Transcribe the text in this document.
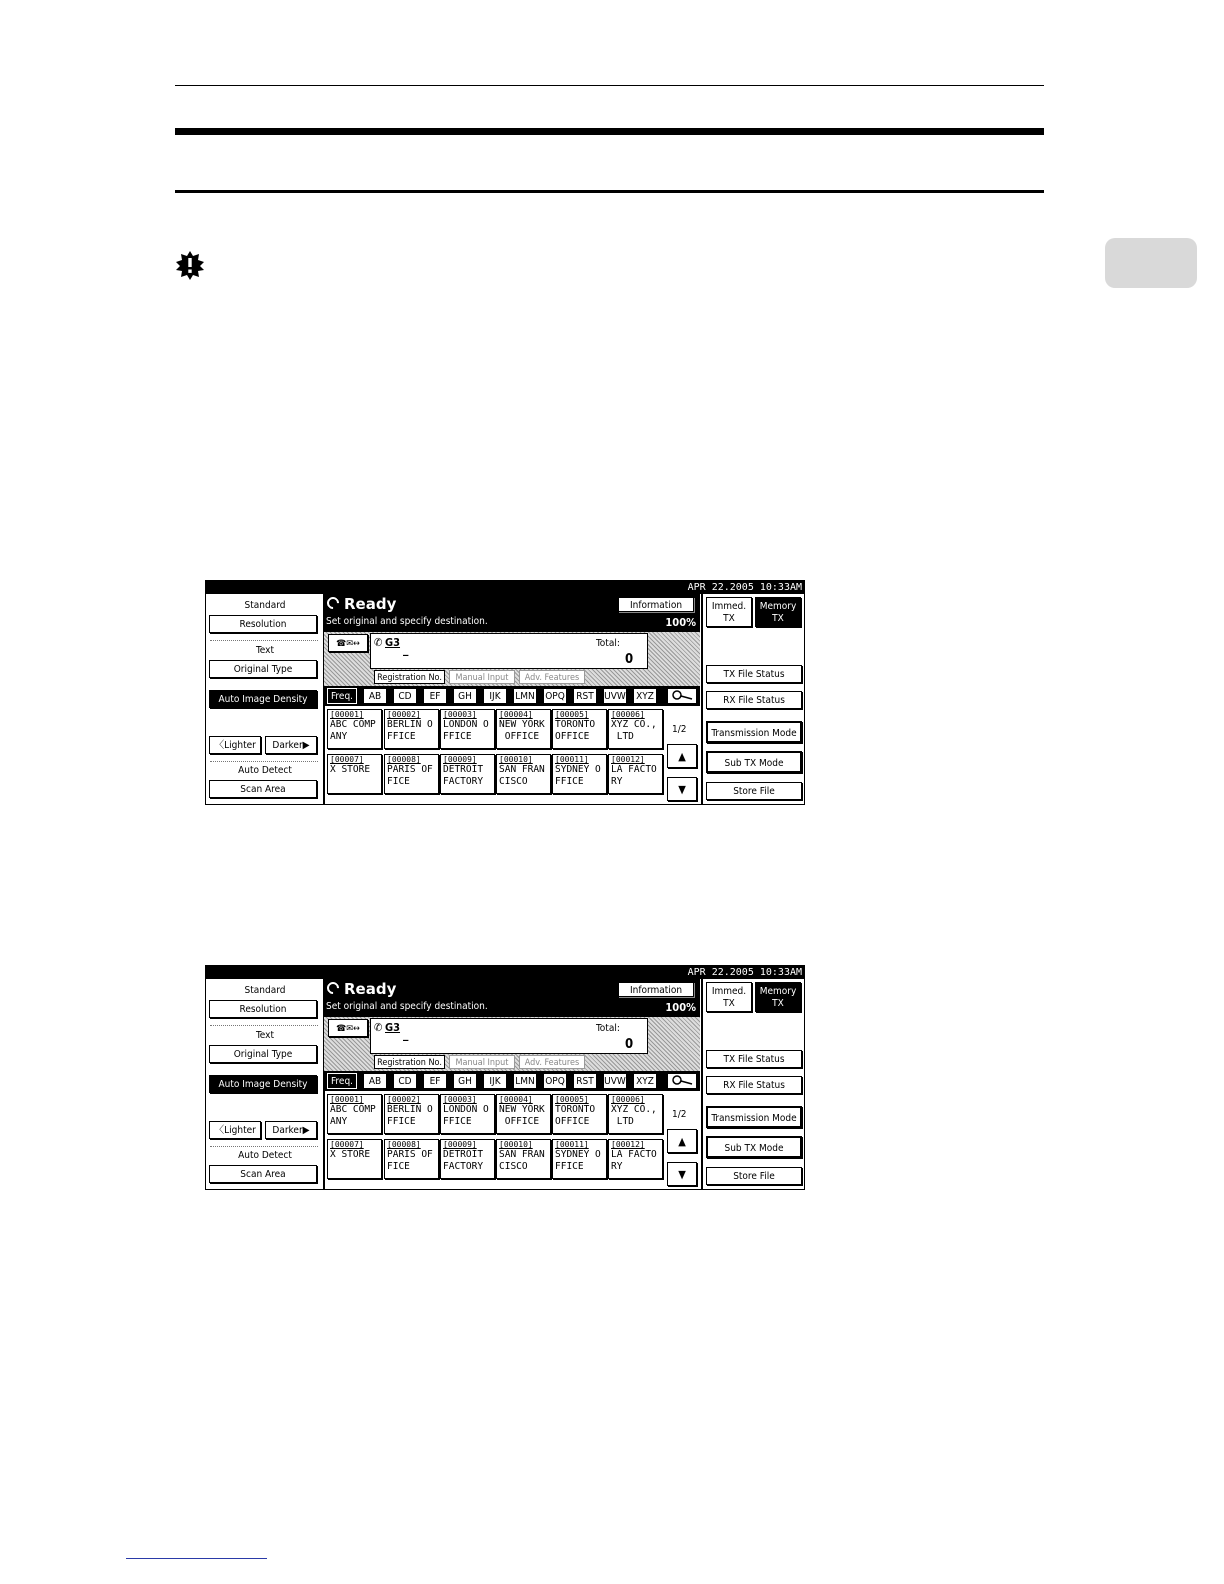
APR 22.2005 10:33AM
Standard
Resolution
Text
Original Type
Auto Image Density
〈Lighter	Darker▶
Auto Detect
Scan Area
Ready
Set original and specify destination.
Information
100%
☎✉↔	✆ G3 _	Total:
0
Registration No.	Manual Input	Adv. Features
Freq.	AB	CD	EF	GH	IJK	LMN OPQ	RST	UVW	XYZ
[00001]
ABC COMP
ANY
[00002]
BERLIN O
FFICE
[00003]
LONDON O
FFICE
[00004]
NEW YORK
OFFICE
[00005]
TORONTO
OFFICE
[00006]
XYZ CO.,
LTD
[00007]
X STORE
[00008]
PARIS OF
FICE
[00009]
DETROIT
FACTORY
[00010]
SAN FRAN
CISCO
[00011]
SYDNEY O
FFICE
[00012]
LA FACTO
RY
1/2
▲
▼
Immed.
TX
Memory
TX
TX File Status
RX File Status
Transmission Mode
Sub TX Mode
Store File
APR 22.2005 10:33AM
Standard
Resolution
Text
Original Type
Auto Image Density
〈Lighter	Darker▶
Auto Detect
Scan Area
Ready
Set original and specify destination.
Information
100%
☎✉↔	✆ G3 _	Total:
0
Registration No.	Manual Input	Adv. Features
Freq.	AB	CD	EF	GH	IJK	LMN OPQ	RST	UVW	XYZ
[00001]
ABC COMP
ANY
[00002]
BERLIN O
FFICE
[00003]
LONDON O
FFICE
[00004]
NEW YORK
OFFICE
[00005]
TORONTO
OFFICE
[00006]
XYZ CO.,
LTD
[00007]
X STORE
[00008]
PARIS OF
FICE
[00009]
DETROIT
FACTORY
[00010]
SAN FRAN
CISCO
[00011]
SYDNEY O
FFICE
[00012]
LA FACTO
RY
1/2
▲
▼
Immed.
TX
Memory
TX
TX File Status
RX File Status
Transmission Mode
Sub TX Mode
Store File
